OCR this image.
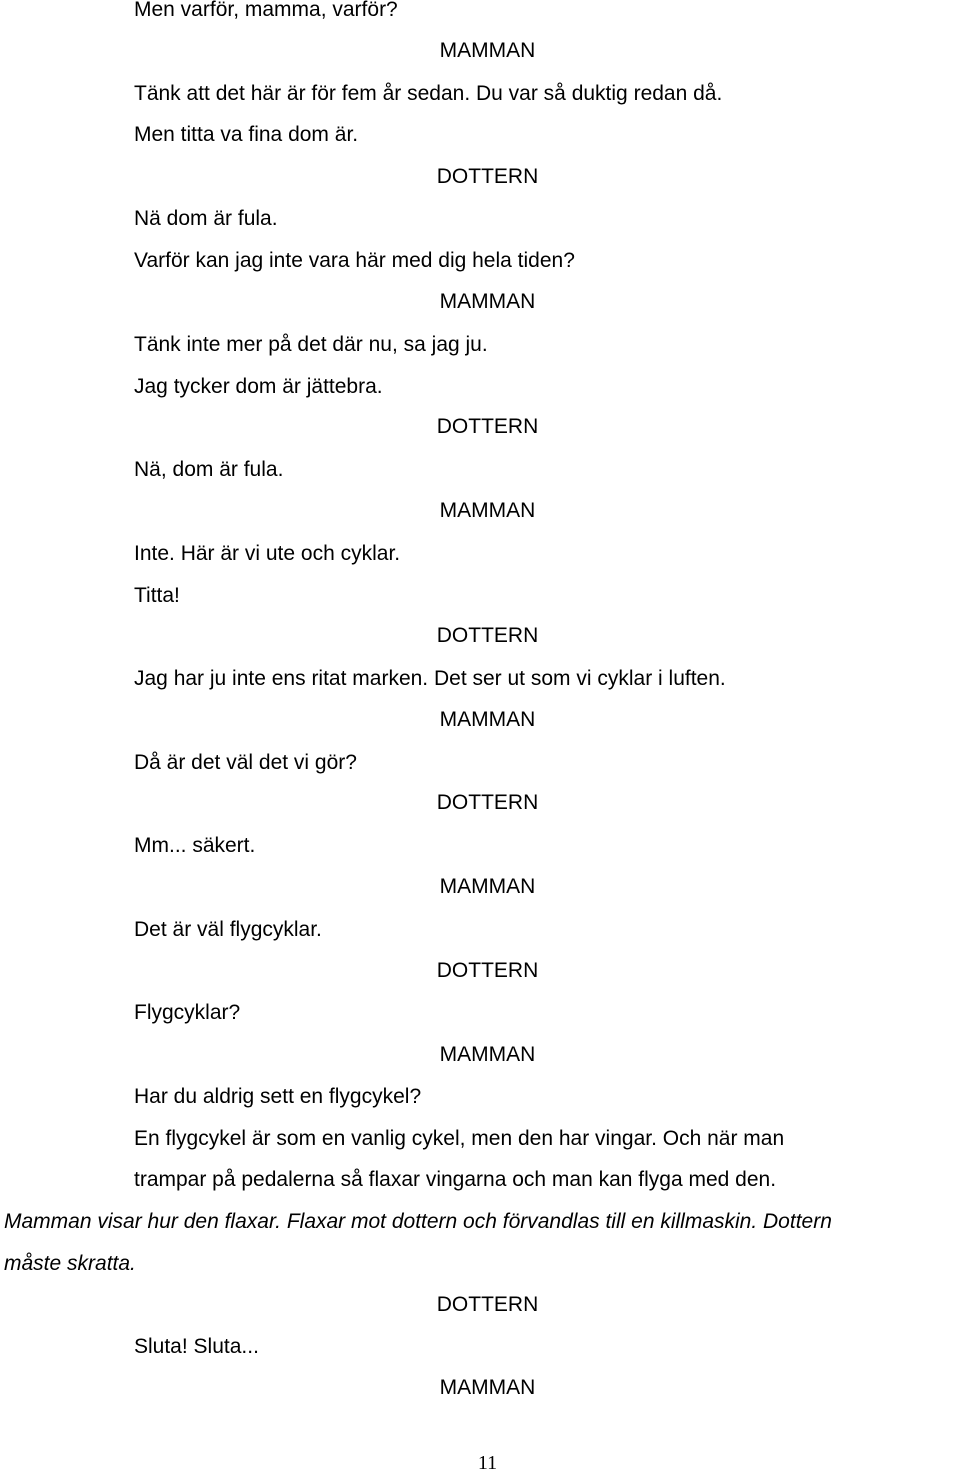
Men varför, mamma, varför?
MAMMAN
Tänk att det här är för fem år sedan. Du var så duktig redan då.
Men titta va fina dom är.
DOTTERN
Nä dom är fula.
Varför kan jag inte vara här med dig hela tiden?
MAMMAN
Tänk inte mer på det där nu, sa jag ju.
Jag tycker dom är jättebra.
DOTTERN
Nä, dom är fula.
MAMMAN
Inte. Här är vi ute och cyklar.
Titta!
DOTTERN
Jag har ju inte ens ritat marken. Det ser ut som vi cyklar i luften.
MAMMAN
Då är det väl det vi gör?
DOTTERN
Mm... säkert.
MAMMAN
Det är väl flygcyklar.
DOTTERN
Flygcyklar?
MAMMAN
Har du aldrig sett en flygcykel?
En flygcykel är som en vanlig cykel, men den har vingar. Och när man
trampar på pedalerna så flaxar vingarna och man kan flyga med den.
Mamman visar hur den flaxar. Flaxar mot dottern och förvandlas till en killmaskin. Dottern
måste skratta.
DOTTERN
Sluta! Sluta...
MAMMAN
11
